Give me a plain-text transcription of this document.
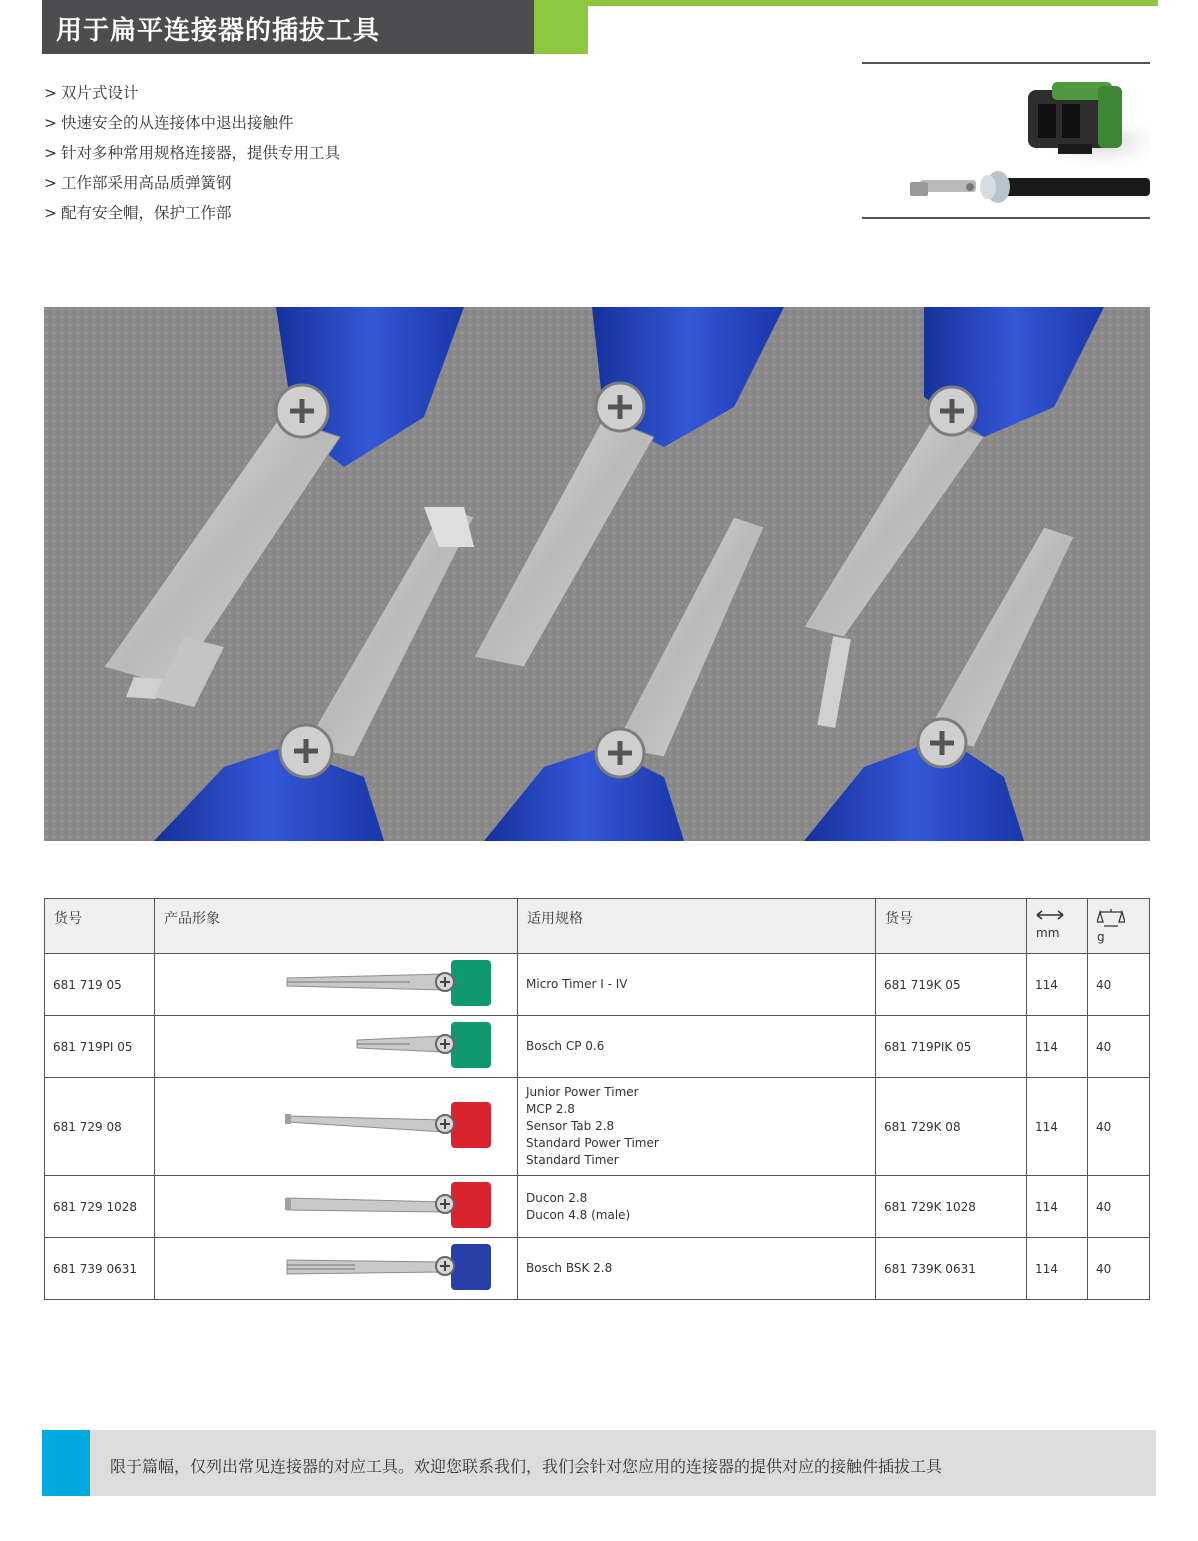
用于扁平连接器的插拔工具
> 双片式设计
> 快速安全的从连接体中退出接触件
> 针对多种常用规格连接器，提供专用工具
> 工作部采用高品质弹簧钢
> 配有安全帽，保护工作部
货号	产品形象	适用规格	货号	mm	g

681 719 05		Micro Timer I - IV	681 719K 05	114	40
681 719PI 05		Bosch CP 0.6	681 719PIK 05	114	40
681 729 08		Junior Power Timer
MCP 2.8
Sensor Tab 2.8
Standard Power Timer
Standard Timer	681 729K 08	114	40
681 729 1028		Ducon 2.8
Ducon 4.8 (male)	681 729K 1028	114	40
681 739 0631		Bosch BSK 2.8	681 739K 0631	114	40
限于篇幅，仅列出常见连接器的对应工具。欢迎您联系我们，我们会针对您应用的连接器的提供对应的接触件插拔工具
